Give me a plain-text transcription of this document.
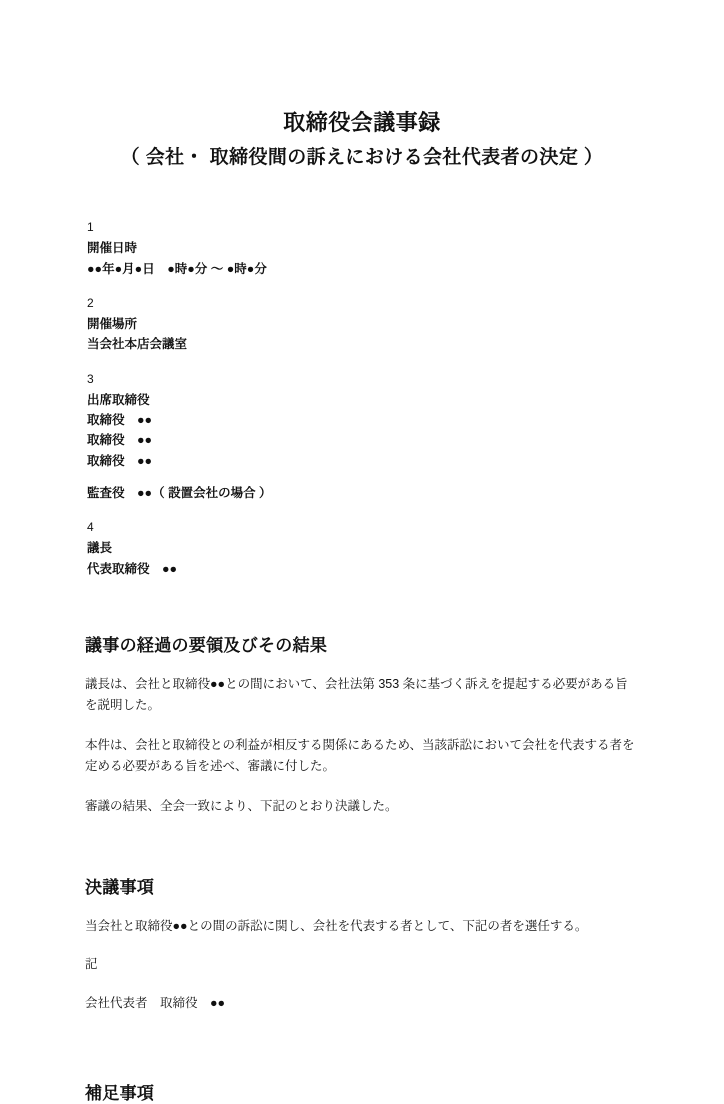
取締役会議事録
（ 会社・ 取締役間の訴えにおける会社代表者の決定 ）
1
開催日時
●●年●月●日　●時●分 ～ ●時●分
2
開催場所
当会社本店会議室
3
出席取締役
取締役　●●
取締役　●●
取締役　●●
監査役　●●（ 設置会社の場合 ）
4
議長
代表取締役　●●
議事の経過の要領及びその結果

議長は、会社と取締役●●との間において、会社法第 353 条に基づく訴えを提起する必要がある旨を説明した。

本件は、会社と取締役との利益が相反する関係にあるため、当該訴訟において会社を代表する者を定める必要がある旨を述べ、審議に付した。

審議の結果、全会一致により、下記のとおり決議した。

決議事項

当会社と取締役●●との間の訴訟に関し、会社を代表する者として、下記の者を選任する。

記

会社代表者　取締役　●●

補足事項
